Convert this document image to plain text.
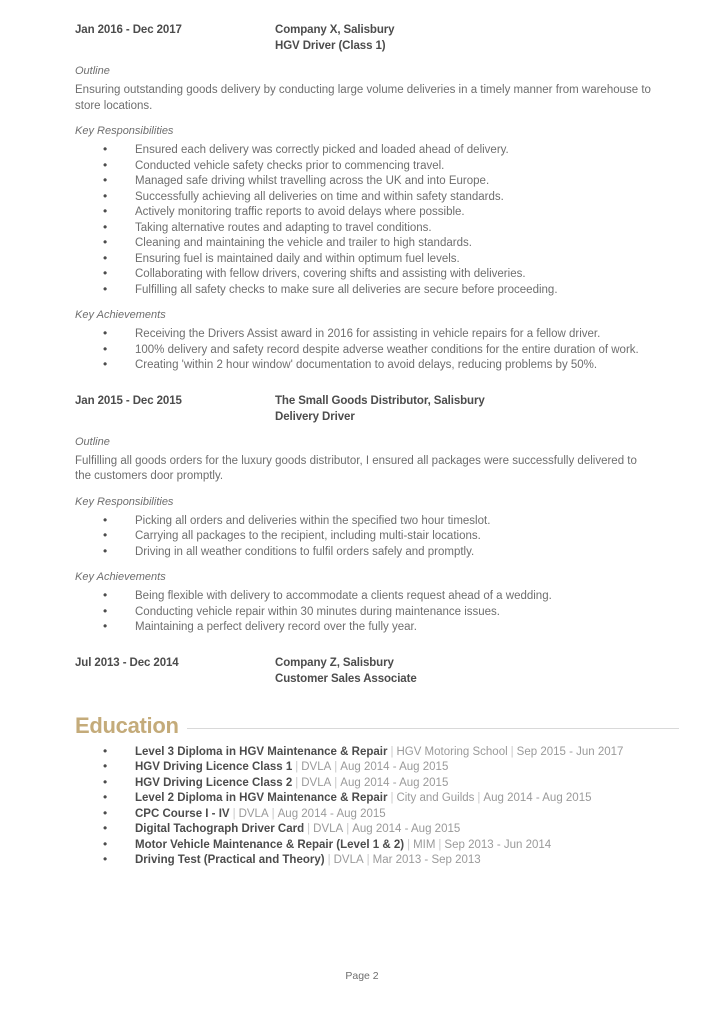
Jan 2016 - Dec 2017	Company X, Salisbury
HGV Driver (Class 1)
Outline

Ensuring outstanding goods delivery by conducting large volume deliveries in a timely manner from warehouse to store locations.

Key Responsibilities
• Ensured each delivery was correctly picked and loaded ahead of delivery.
• Conducted vehicle safety checks prior to commencing travel.
• Managed safe driving whilst travelling across the UK and into Europe.
• Successfully achieving all deliveries on time and within safety standards.
• Actively monitoring traffic reports to avoid delays where possible.
• Taking alternative routes and adapting to travel conditions.
• Cleaning and maintaining the vehicle and trailer to high standards.
• Ensuring fuel is maintained daily and within optimum fuel levels.
• Collaborating with fellow drivers, covering shifts and assisting with deliveries.
• Fulfilling all safety checks to make sure all deliveries are secure before proceeding.
Key Achievements
• Receiving the Drivers Assist award in 2016 for assisting in vehicle repairs for a fellow driver.
• 100% delivery and safety record despite adverse weather conditions for the entire duration of work.
• Creating 'within 2 hour window' documentation to avoid delays, reducing problems by 50%.
Jan 2015 - Dec 2015	The Small Goods Distributor, Salisbury
Delivery Driver
Outline

Fulfilling all goods orders for the luxury goods distributor, I ensured all packages were successfully delivered to the customers door promptly.

Key Responsibilities
• Picking all orders and deliveries within the specified two hour timeslot.
• Carrying all packages to the recipient, including multi-stair locations.
• Driving in all weather conditions to fulfil orders safely and promptly.
Key Achievements
• Being flexible with delivery to accommodate a clients request ahead of a wedding.
• Conducting vehicle repair within 30 minutes during maintenance issues.
• Maintaining a perfect delivery record over the fully year.
Jul 2013 - Dec 2014	Company Z, Salisbury
Customer Sales Associate
Education
• Level 3 Diploma in HGV Maintenance & Repair | HGV Motoring School | Sep 2015 - Jun 2017
• HGV Driving Licence Class 1 | DVLA | Aug 2014 - Aug 2015
• HGV Driving Licence Class 2 | DVLA | Aug 2014 - Aug 2015
• Level 2 Diploma in HGV Maintenance & Repair | City and Guilds | Aug 2014 - Aug 2015
• CPC Course I - IV | DVLA | Aug 2014 - Aug 2015
• Digital Tachograph Driver Card | DVLA | Aug 2014 - Aug 2015
• Motor Vehicle Maintenance & Repair (Level 1 & 2) | MIM | Sep 2013 - Jun 2014
• Driving Test (Practical and Theory) | DVLA | Mar 2013 - Sep 2013
Page 2
